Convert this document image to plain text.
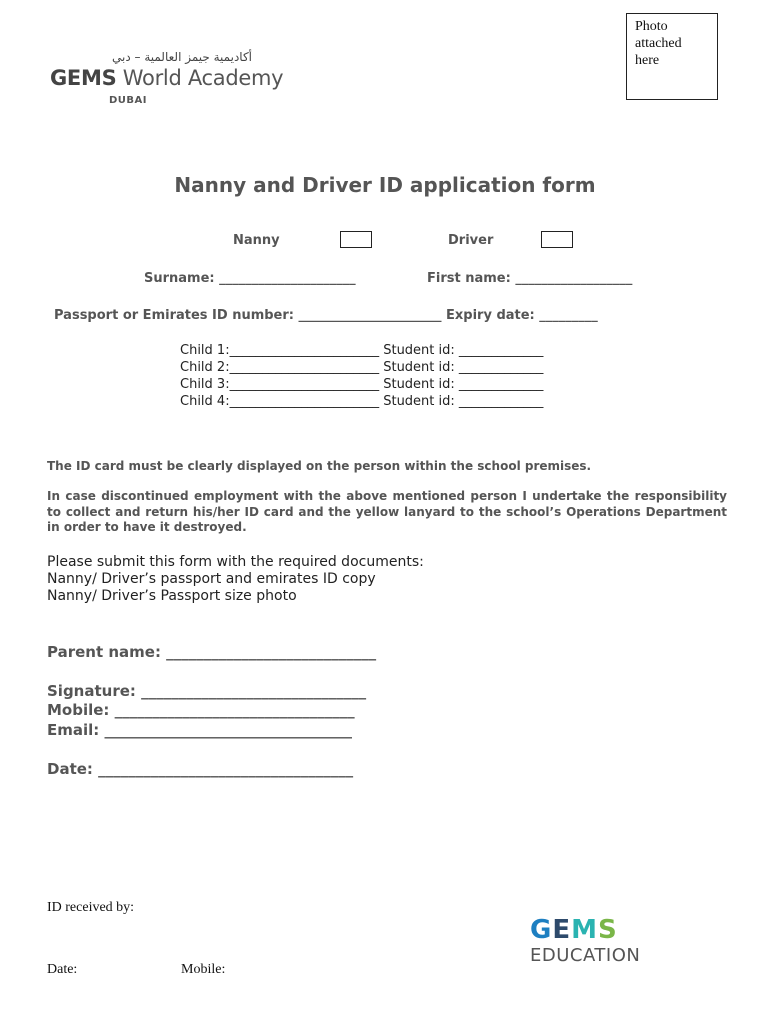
Photo
attached
here
أكاديمية جيمز العالمية – دبي
GEMS World Academy
DUBAI
Nanny and Driver ID application form
Nanny	Driver
Surname: _____________________	First name: __________________
Passport or Emirates ID number: ______________________ Expiry date: _________
Child 1:_______________________ Student id: _____________
Child 2:_______________________ Student id: _____________
Child 3:_______________________ Student id: _____________
Child 4:_______________________ Student id: _____________
The ID card must be clearly displayed on the person within the school premises.
In case discontinued employment with the above mentioned person I undertake the responsibility to collect and return his/her ID card and the yellow lanyard to the school’s Operations Department in order to have it destroyed.
Please submit this form with the required documents:
Nanny/ Driver’s passport and emirates ID copy
Nanny/ Driver’s Passport size photo
Parent name: ____________________________
Signature: ______________________________
Mobile: ________________________________
Email: _________________________________
Date: __________________________________
ID received by:
Date:	Mobile:
G E M S
EDUCATION
